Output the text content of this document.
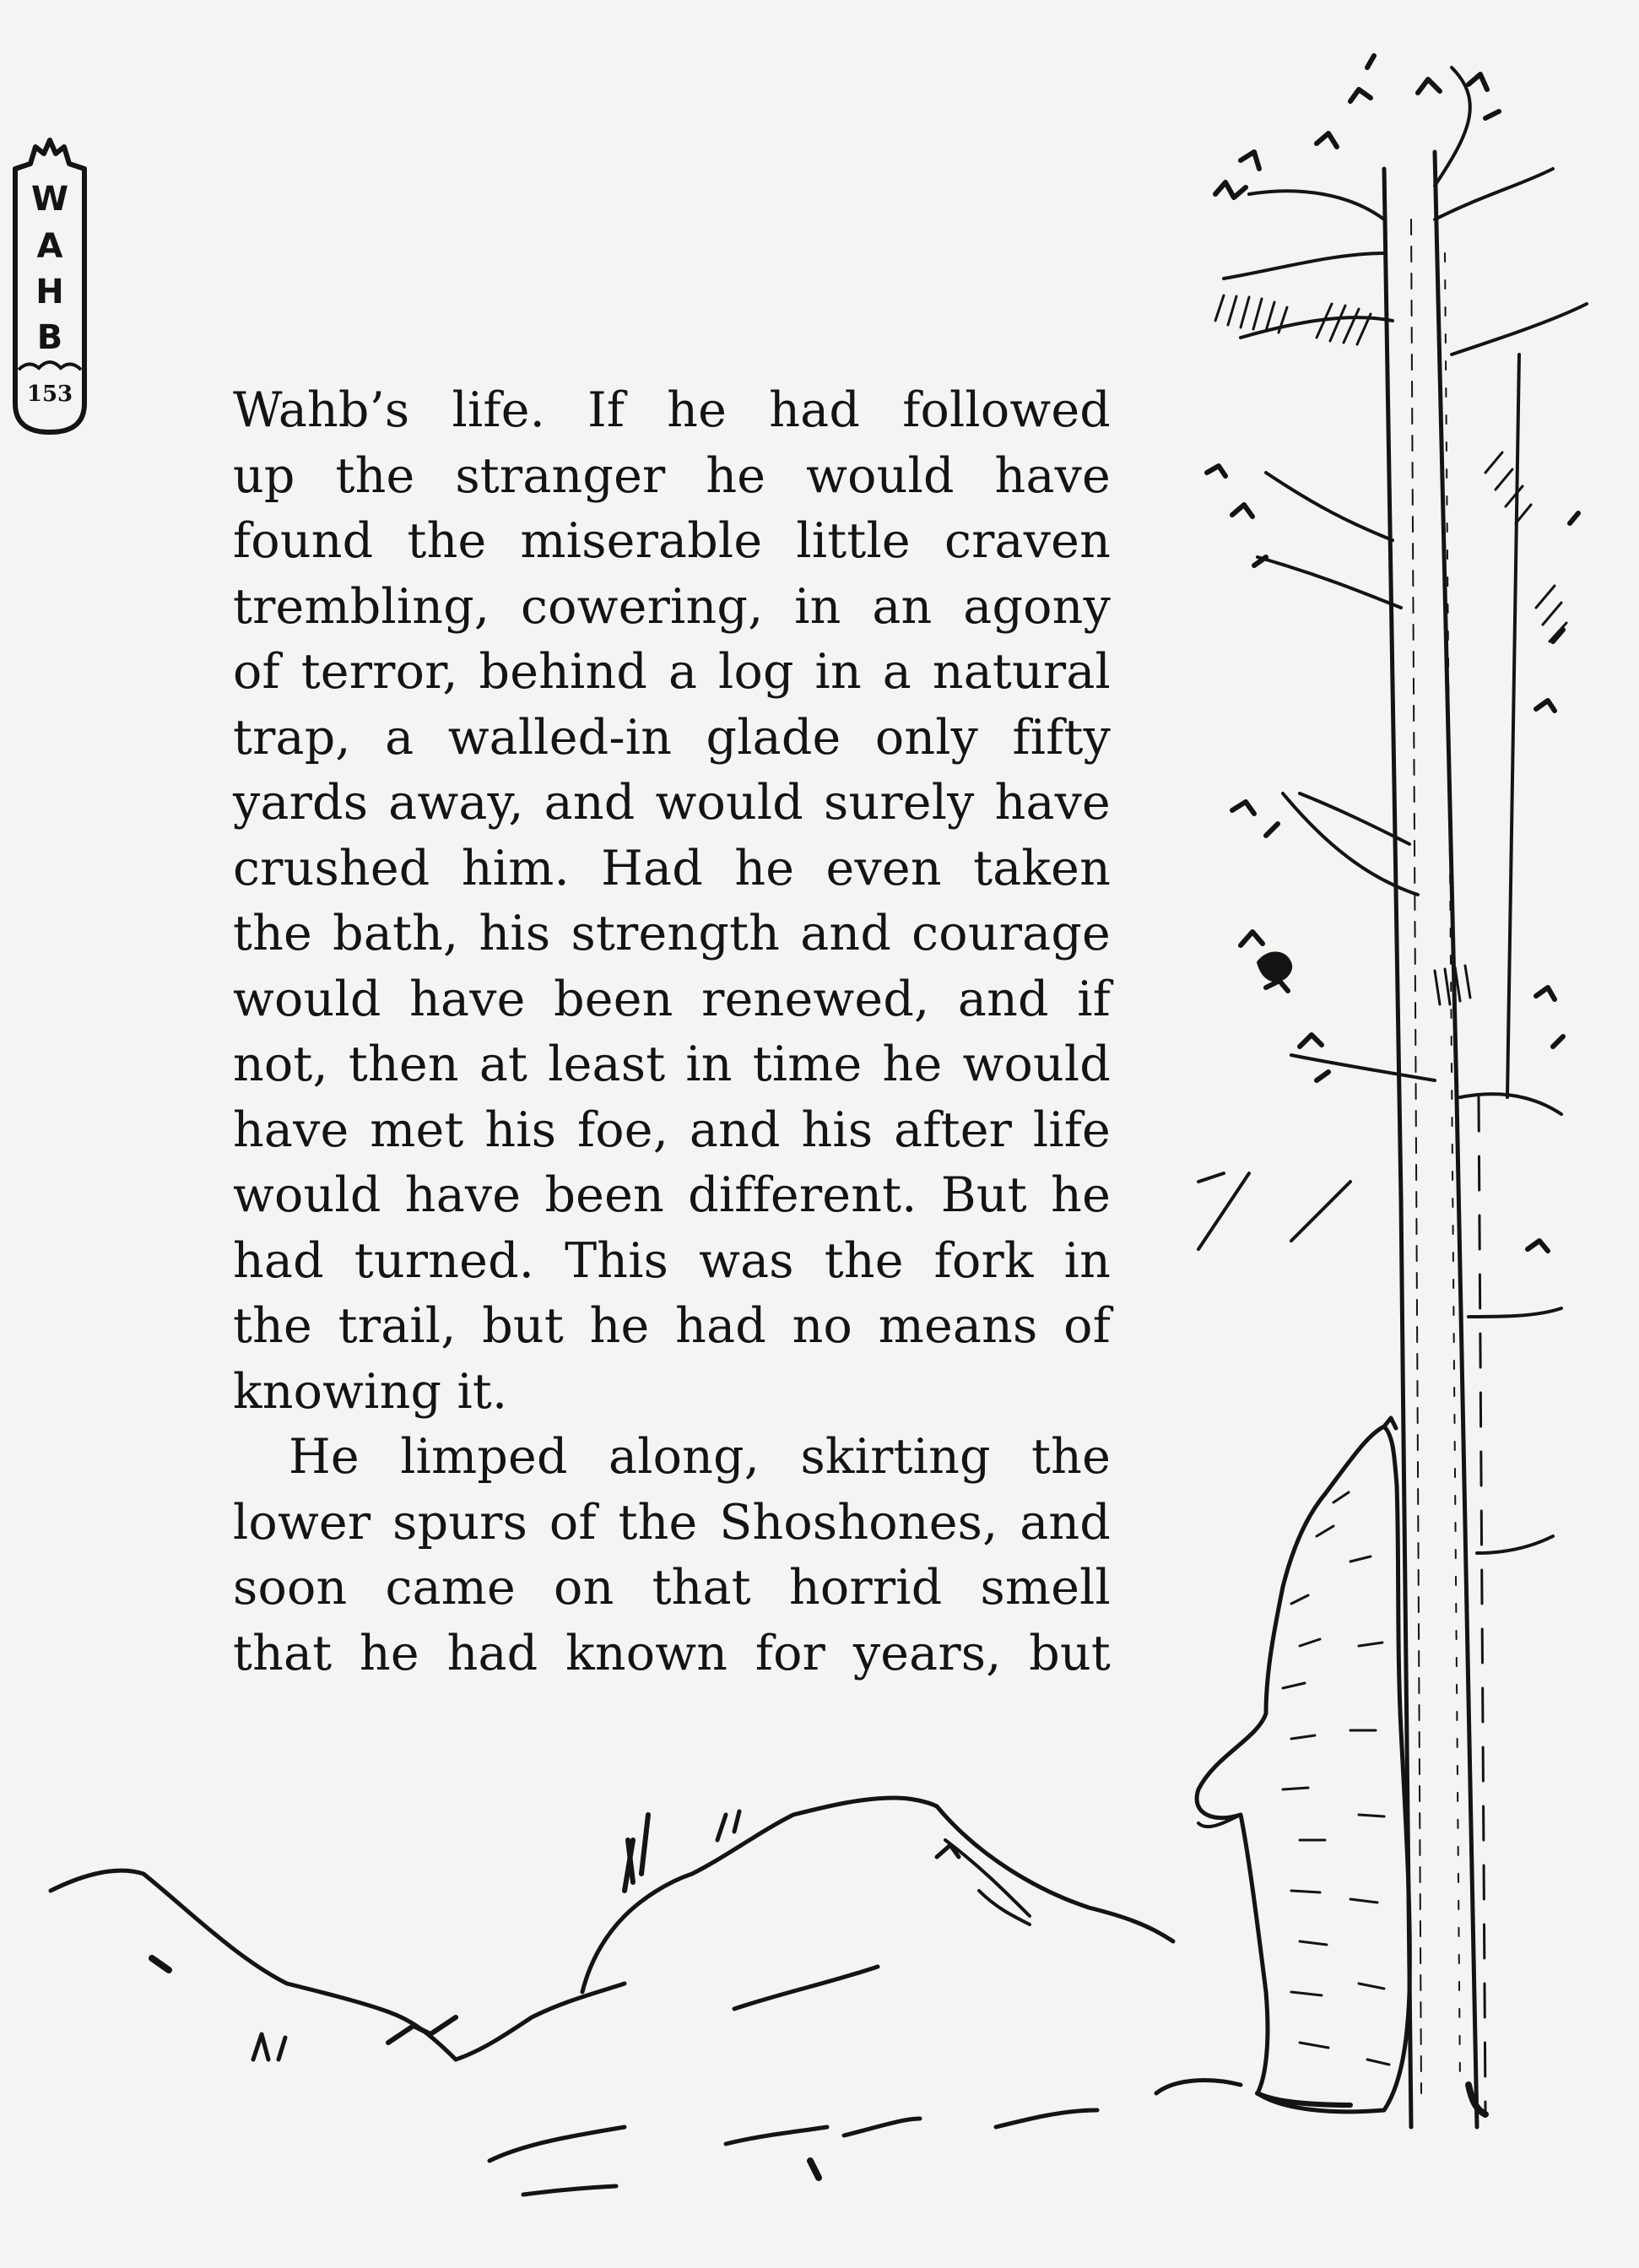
W
A
H
B
153	Wahb’s life. If he had followed
up the stranger he would have
found the miserable little craven
trembling, cowering, in an agony
of terror, behind a log in a natural
trap, a walled-in glade only fifty
yards away, and would surely have
crushed him. Had he even taken
the bath, his strength and courage
would have been renewed, and if
not, then at least in time he would
have met his foe, and his after life
would have been different. But he
had turned. This was the fork in
the trail, but he had no means of
knowing it.
He limped along, skirting the
lower spurs of the Shoshones, and
soon came on that horrid smell
that he had known for years, but
